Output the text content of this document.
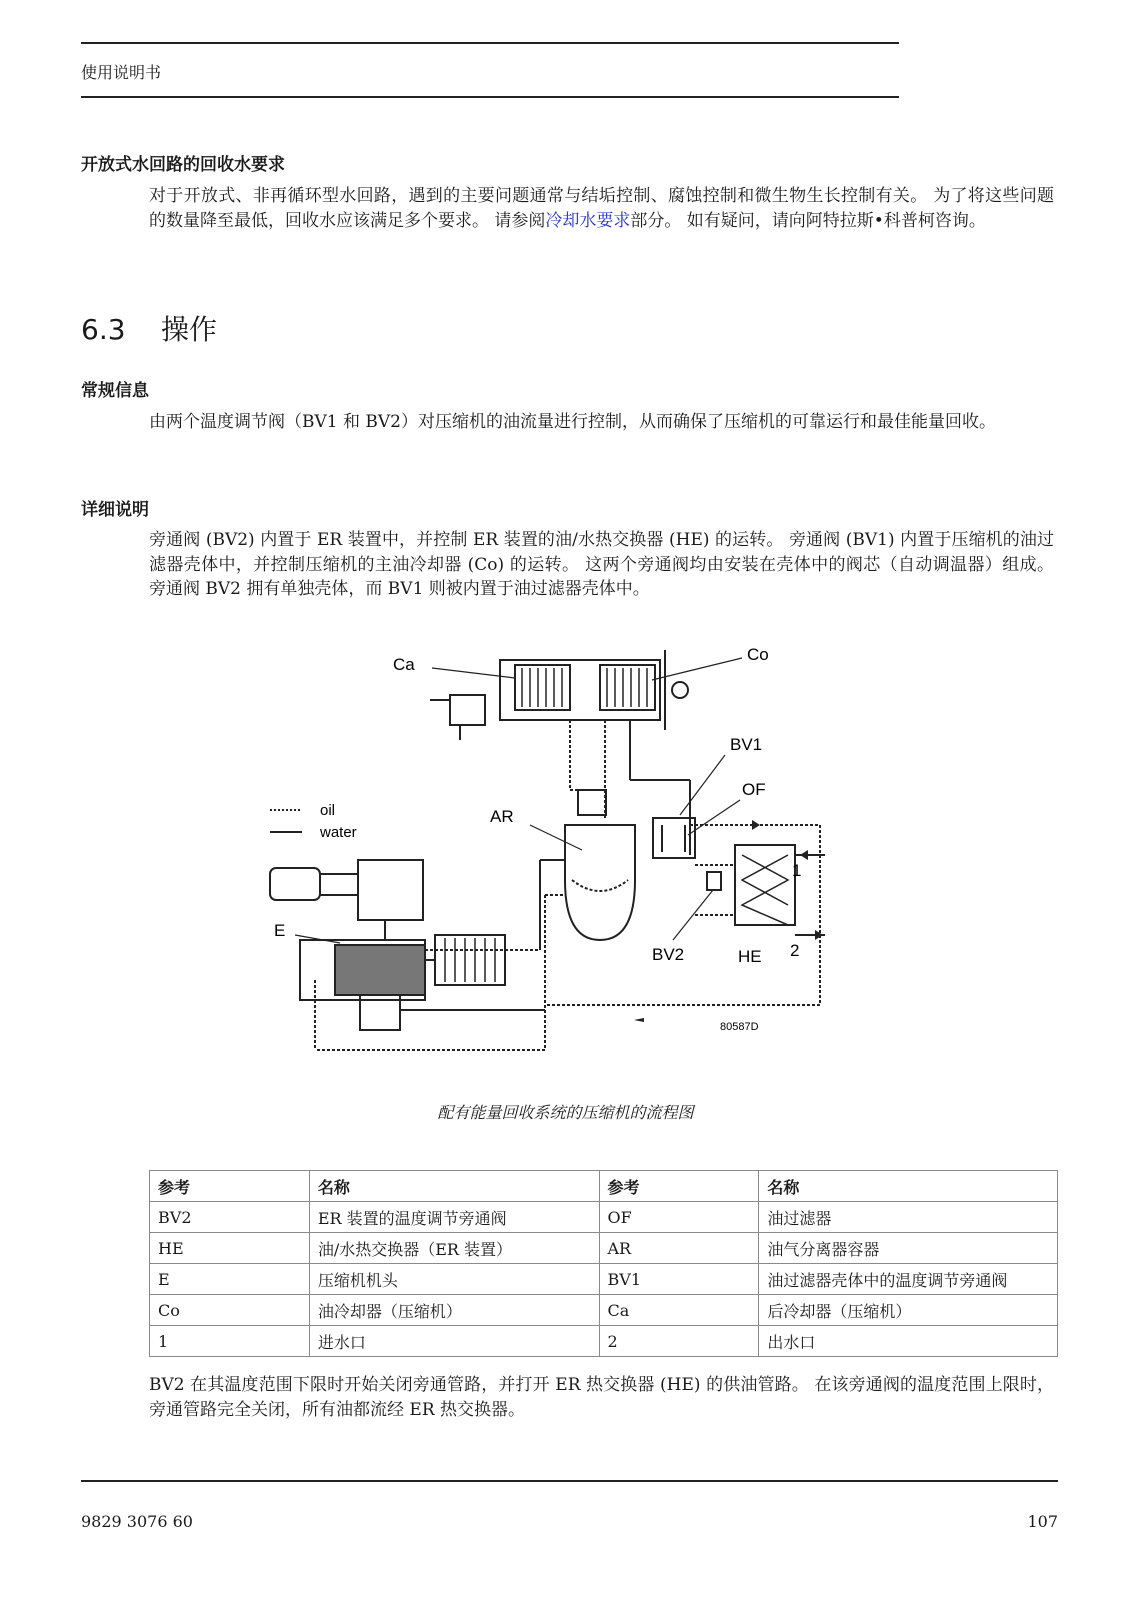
使用说明书
开放式水回路的回收水要求
对于开放式、非再循环型水回路，遇到的主要问题通常与结垢控制、腐蚀控制和微生物生长控制有关。 为了将这些问题的数量降至最低，回收水应该满足多个要求。 请参阅冷却水要求部分。 如有疑问，请向阿特拉斯•科普柯咨询。
6.3 操作
常规信息
由两个温度调节阀（BV1 和 BV2）对压缩机的油流量进行控制，从而确保了压缩机的可靠运行和最佳能量回收。
详细说明
旁通阀 (BV2) 内置于 ER 装置中，并控制 ER 装置的油/水热交换器 (HE) 的运转。 旁通阀 (BV1) 内置于压缩机的油过滤器壳体中，并控制压缩机的主油冷却器 (Co) 的运转。 这两个旁通阀均由安装在壳体中的阀芯（自动调温器）组成。 旁通阀 BV2 拥有单独壳体，而 BV1 则被内置于油过滤器壳体中。
oil
water
Ca
Co
BV1
OF
AR
E
BV2	HE
1
2
80587D
配有能量回收系统的压缩机的流程图
参考	名称	参考	名称
BV2	ER 装置的温度调节旁通阀	OF	油过滤器
HE	油/水热交换器（ER 装置）	AR	油气分离器容器
E	压缩机机头	BV1	油过滤器壳体中的温度调节旁通阀
Co	油冷却器（压缩机）	Ca	后冷却器（压缩机）
1	进水口	2	出水口
BV2 在其温度范围下限时开始关闭旁通管路，并打开 ER 热交换器 (HE) 的供油管路。 在该旁通阀的温度范围上限时，旁通管路完全关闭，所有油都流经 ER 热交换器。
9829 3076 60	107
